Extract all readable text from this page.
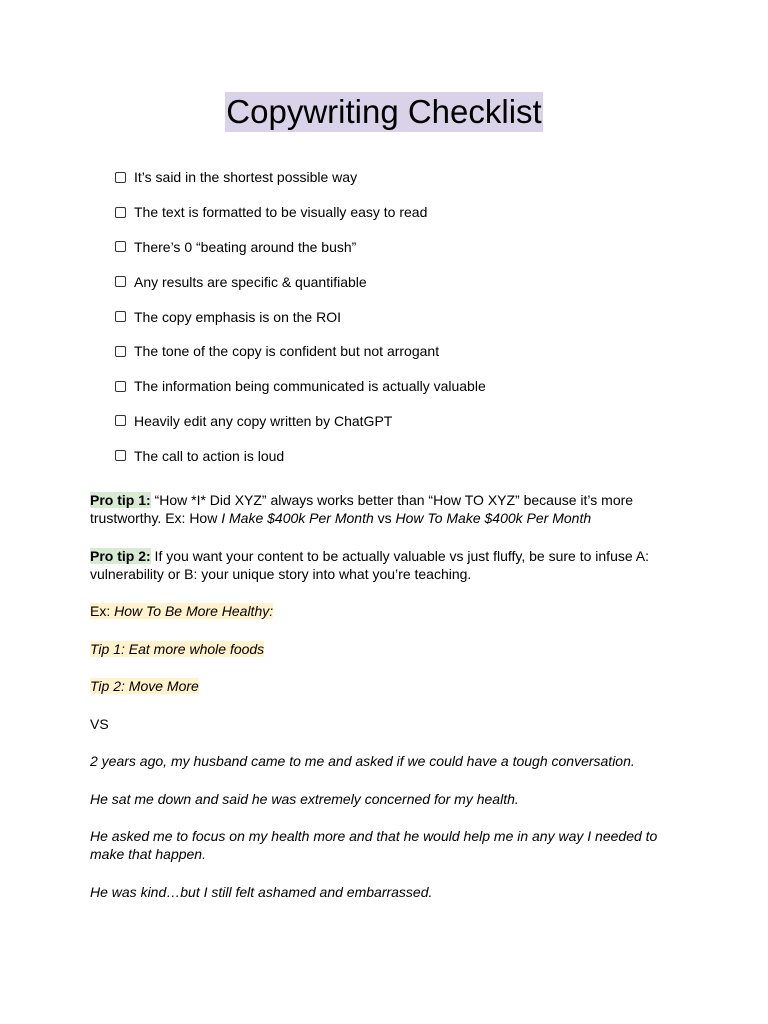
Copywriting Checklist
It’s said in the shortest possible way
The text is formatted to be visually easy to read
There’s 0 “beating around the bush”
Any results are specific & quantifiable
The copy emphasis is on the ROI
The tone of the copy is confident but not arrogant
The information being communicated is actually valuable
Heavily edit any copy written by ChatGPT
The call to action is loud

Pro tip 1: “How *I* Did XYZ” always works better than “How TO XYZ” because it’s more trustworthy. Ex: How I Make $400k Per Month vs How To Make $400k Per Month

Pro tip 2: If you want your content to be actually valuable vs just fluffy, be sure to infuse A: vulnerability or B: your unique story into what you’re teaching.

Ex: How To Be More Healthy:

Tip 1: Eat more whole foods

Tip 2: Move More

VS

2 years ago, my husband came to me and asked if we could have a tough conversation.

He sat me down and said he was extremely concerned for my health.

He asked me to focus on my health more and that he would help me in any way I needed to make that happen.

He was kind…but I still felt ashamed and embarrassed.
